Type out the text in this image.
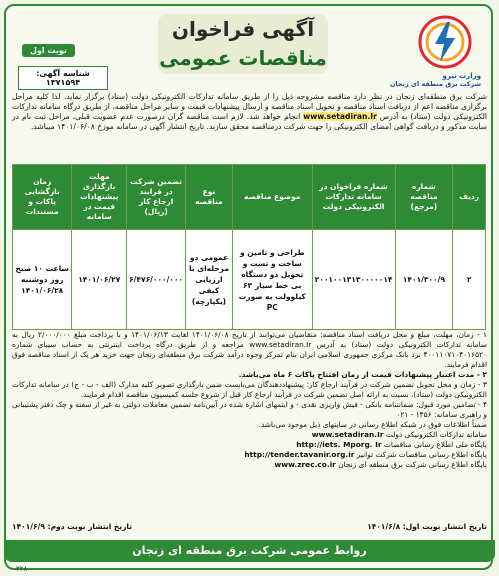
وزارت نیرو
شرکت برق منطقه ای زنجان
آگهی فراخوان
مناقصات عمومی
نوبت اول
شناسه آگهی: ۱۳۷۱۵۹۴
شرکت برق منطقه‌ای زنجان در نظر دارد مناقصه مشروحه ذیل را از طریق سامانه تدارکات الکترونیکی دولت (ستاد) برگزار نماید. لذا کلیه مراحل برگزاری مناقصه اعم از دریافت اسناد مناقصه و تحویل اسناد مناقصه و ارسال پیشنهادات قیمت و سایر مراحل مناقصه، از طریق درگاه سامانه تدارکات الکترونیکی دولت (ستاد) به آدرس www.setadiran.Ir انجام خواهد شد. لازم است مناقصه گران درصورت عدم عضویت قبلی، مراحل ثبت نام در سایت مذکور و دریافت گواهی امضای الکترونیکی را جهت شرکت درمناقصه محقق سازند. تاریخ انتشار آگهی در سامانه موزخ ۱۴۰۱/۰۶/۰۸ میباشد.
ردیف	شماره مناقصه (مرجع)	شماره فراخوان در سامانه تدارکات الکترونیکی دولت	موضوع مناقصه	نوع مناقصه	تضمین شرکت در فرایند ارجاع کار (ریال)	مهلت بارگذاری پیشنهادات قیمت در سامانه	زمان بازگشایی پاکات و مستندات
۲	۱۴۰۱/۳۰۰/۹	۲۰۰۱۰۰۱۳۱۳۰۰۰۰۰۱۴	طراحی و تامین و ساخت و تست و تحویل دو دستگاه بی خط سیار ۶۳ کیلوولت به صورت PC	عمومی دو مرحله‌ای با ارزیابی کیفی (یکپارچه)	۶/۴۷۶/۰۰۰/۰۰۰	۱۴۰۱/۰۶/۲۷	ساعت ۱۰ صبح روز دوشنبه ۱۴۰۱/۰۶/۲۸

۱ - زمان، مهلت، مبلغ و محل دریافت اسناد مناقصه: متقاضیان می‌توانند از تاریخ ۱۴۰۱/۰۶/۰۸ لغایت ۱۴۰۱/۰۶/۱۳ و با پرداخت مبلغ ۲/۰۰۰/۰۰۰ ریال به سامانه تدارکات الکترونیکی دولت (ستاد) به آدرس www.setadiran.Ir مراجعه و از طریق درگاه پرداخت اینترنتی به حساب سیبای شماره ۴۰۰۱۱۰۷۱۰۴۰۱۶۵۲۰ نزد بانک مرکزی جمهوری اسلامی ایران بنام تمرکز وجوه درآمد شرکت برق منطقه‌ای زنجان جهت خرید هر یک از اسناد مناقصه فوق اقدام فرمایند.

۲ - مدت اعتبار پیشنهادات قیمت از زمان افتتاح پاکات ۶ ماه می‌باشد.

۳ - زمان و محل تحویل تضمین شرکت در فرآیند ارجاع کار: پیشنهاددهندگان می‌بایست ضمن بارگذاری تصویر کلیه مدارک (الف - ب - ج) در سامانه تدارکات الکترونیکی دولت (ستاد)، نسبت به ارائه اصل تضمین شرکت در فرآیند ارجاع کار قبل از شروع جلسه کمیسیون مناقصه اقدام فرمایند.

۴ - تضامین مورد قبول: ضمانتنامه بانکی - فیش واریزی نقدی - و ایتمهای اشاره شده در آیین‌نامه تضمین معاملات دولتی به غیر از سفته و چک دفتر پشتیبانی و راهبری سامانه: ۱۴۵۶ - ۰۲۱

ضمناً اطلاعات فوق در شبکه اطلاع رسانی در سایتهای ذیل موجود می‌باشد.

سامانه تدارکات الکترونیکی دولت www.setadiran.Ir

پایگاه ملی اطلاع رسانی مناقصات http://iets. Mporg. Ir

پایگاه اطلاع رسانی مناقصات شرکت توانیر http://tender.tavanir.org.ir

پایگاه اطلاع رسانی شرکت برق منطقه ای زنجان www.zrec.co.ir

تاریخ انتشار نوبت اول: ۱۴۰۱/۶/۸
تاریخ انتشار نوبت دوم: ۱۴۰۱/۶/۹
روابط عمومی شرکت برق منطقه ای زنجان
۳۲۸
